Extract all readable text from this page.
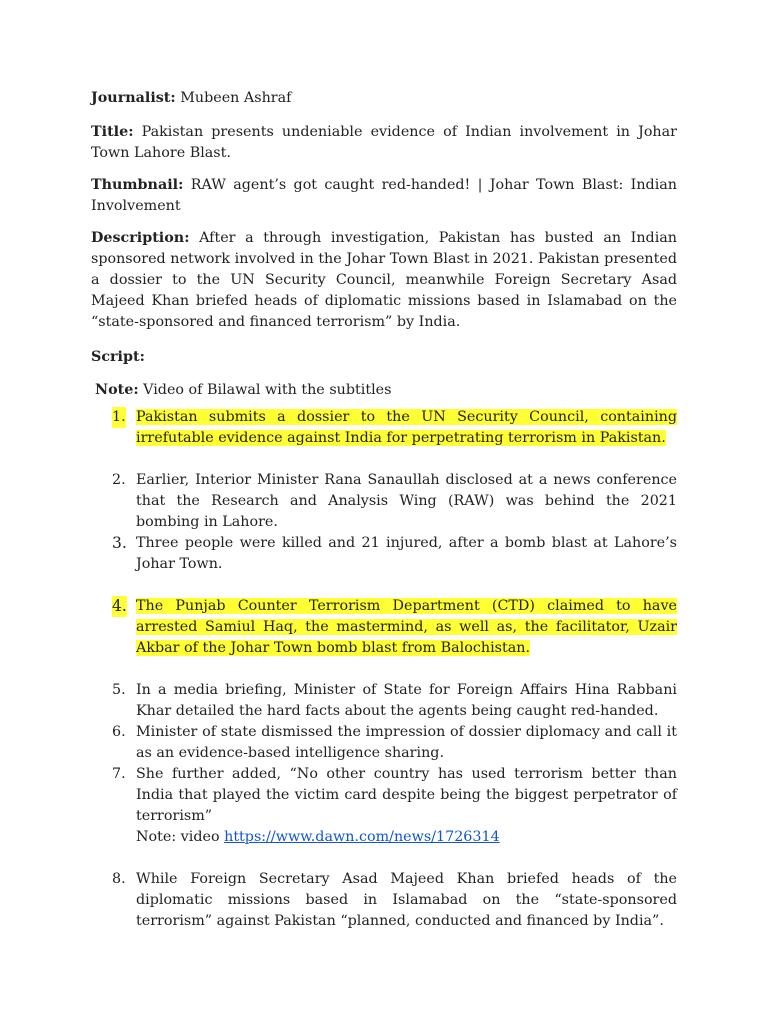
Journalist: Mubeen Ashraf

Title: Pakistan presents undeniable evidence of Indian involvement in Johar Town Lahore Blast.

Thumbnail: RAW agent’s got caught red-handed! | Johar Town Blast: Indian Involvement

Description: After a through investigation, Pakistan has busted an Indian sponsored network involved in the Johar Town Blast in 2021. Pakistan presented a dossier to the UN Security Council, meanwhile Foreign Secretary Asad Majeed Khan briefed heads of diplomatic missions based in Islamabad on the “state-sponsored and financed terrorism” by India.

Script:

Note: Video of Bilawal with the subtitles

1. Pakistan submits a dossier to the UN Security Council, containing irrefutable evidence against India for perpetrating terrorism in Pakistan.
2. Earlier, Interior Minister Rana Sanaullah disclosed at a news conference that the Research and Analysis Wing (RAW) was behind the 2021 bombing in Lahore.
3. Three people were killed and 21 injured, after a bomb blast at Lahore’s Johar Town.
4. The Punjab Counter Terrorism Department (CTD) claimed to have arrested Samiul Haq, the mastermind, as well as, the facilitator, Uzair Akbar of the Johar Town bomb blast from Balochistan.
5. In a media briefing, Minister of State for Foreign Affairs Hina Rabbani Khar detailed the hard facts about the agents being caught red-handed.
6. Minister of state dismissed the impression of dossier diplomacy and call it as an evidence-based intelligence sharing.
7. She further added, “No other country has used terrorism better than India that played the victim card despite being the biggest perpetrator of terrorism”
Note: video https://www.dawn.com/news/1726314
8. While Foreign Secretary Asad Majeed Khan briefed heads of the diplomatic missions based in Islamabad on the “state-sponsored terrorism” against Pakistan “planned, conducted and financed by India”.
